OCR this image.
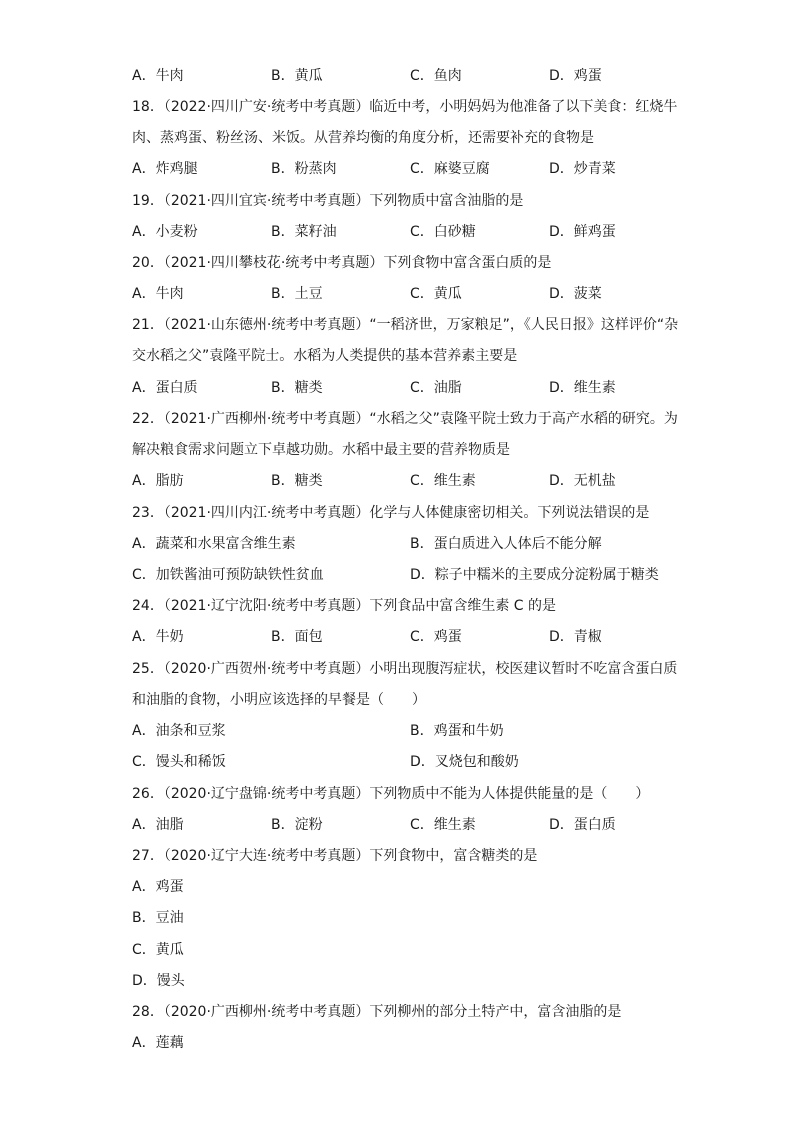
A．牛肉	B．黄瓜	C．鱼肉	D．鸡蛋
18．（2022·四川广安·统考中考真题）临近中考，小明妈妈为他准备了以下美食：红烧牛
肉、蒸鸡蛋、粉丝汤、米饭。从营养均衡的角度分析，还需要补充的食物是
A．炸鸡腿	B．粉蒸肉	C．麻婆豆腐	D．炒青菜
19．（2021·四川宜宾·统考中考真题）下列物质中富含油脂的是
A．小麦粉	B．菜籽油	C．白砂糖	D．鲜鸡蛋
20．（2021·四川攀枝花·统考中考真题）下列食物中富含蛋白质的是
A．牛肉	B．土豆	C．黄瓜	D．菠菜
21．（2021·山东德州·统考中考真题）“一稻济世，万家粮足”，《人民日报》这样评价“杂
交水稻之父”袁隆平院士。水稻为人类提供的基本营养素主要是
A．蛋白质	B．糖类	C．油脂	D．维生素
22．（2021·广西柳州·统考中考真题）“水稻之父”袁隆平院士致力于高产水稻的研究。为
解决粮食需求问题立下卓越功勋。水稻中最主要的营养物质是
A．脂肪	B．糖类	C．维生素	D．无机盐
23．（2021·四川内江·统考中考真题）化学与人体健康密切相关。下列说法错误的是
A．蔬菜和水果富含维生素	B．蛋白质进入人体后不能分解
C．加铁酱油可预防缺铁性贫血	D．粽子中糯米的主要成分淀粉属于糖类
24．（2021·辽宁沈阳·统考中考真题）下列食品中富含维生素 C 的是
A．牛奶	B．面包	C．鸡蛋	D．青椒
25．（2020·广西贺州·统考中考真题）小明出现腹泻症状，校医建议暂时不吃富含蛋白质
和油脂的食物，小明应该选择的早餐是（　　）
A．油条和豆浆	B．鸡蛋和牛奶
C．馒头和稀饭	D．叉烧包和酸奶
26．（2020·辽宁盘锦·统考中考真题）下列物质中不能为人体提供能量的是（　　）
A．油脂	B．淀粉	C．维生素	D．蛋白质
27．（2020·辽宁大连·统考中考真题）下列食物中，富含糖类的是
A．鸡蛋
B．豆油
C．黄瓜
D．馒头
28．（2020·广西柳州·统考中考真题）下列柳州的部分土特产中，富含油脂的是
A．莲藕
